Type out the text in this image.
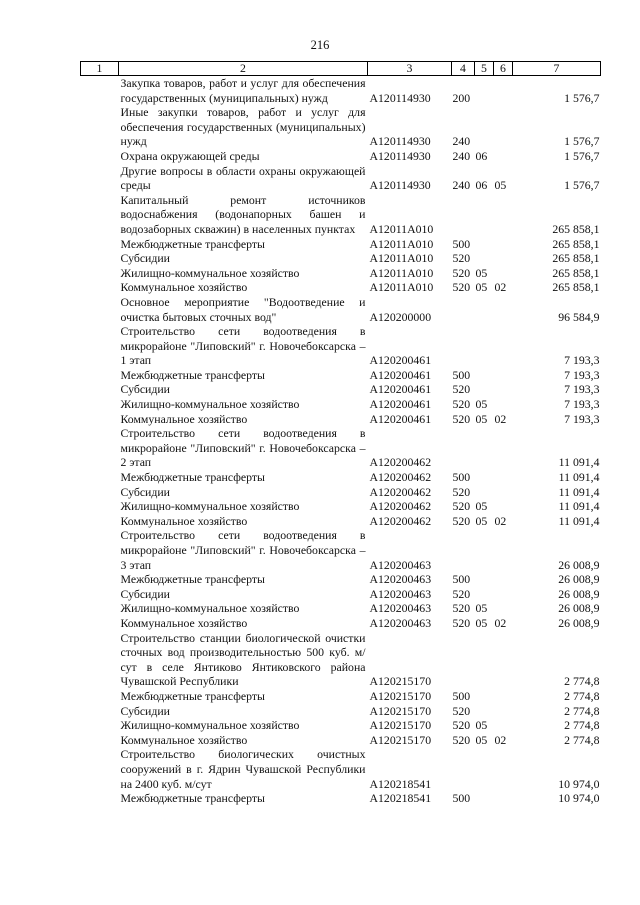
216
1	2	3	4	5	6	7
	Закупка товаров, работ и услуг для обеспечения государственных (муниципальных) нужд	А120114930	200			1 576,7
	Иные закупки товаров, работ и услуг для обеспечения государственных (муниципальных) нужд	А120114930	240			1 576,7
	Охрана окружающей среды	А120114930	240	06		1 576,7
	Другие вопросы в области охраны окружающей среды	А120114930	240	06	05	1 576,7
	Капитальный ремонт источников водоснабжения (водонапорных башен и водозаборных скважин) в населенных пунктах	А12011А010				265 858,1
	Межбюджетные трансферты	А12011А010	500			265 858,1
	Субсидии	А12011А010	520			265 858,1
	Жилищно-коммунальное хозяйство	А12011А010	520	05		265 858,1
	Коммунальное хозяйство	А12011А010	520	05	02	265 858,1
	Основное мероприятие "Водоотведение и очистка бытовых сточных вод"	А120200000				96 584,9
	Строительство сети водоотведения в микрорайоне "Липовский" г. Новочебоксарска – 1 этап	А120200461				7 193,3
	Межбюджетные трансферты	А120200461	500			7 193,3
	Субсидии	А120200461	520			7 193,3
	Жилищно-коммунальное хозяйство	А120200461	520	05		7 193,3
	Коммунальное хозяйство	А120200461	520	05	02	7 193,3
	Строительство сети водоотведения в микрорайоне "Липовский" г. Новочебоксарска – 2 этап	А120200462				11 091,4
	Межбюджетные трансферты	А120200462	500			11 091,4
	Субсидии	А120200462	520			11 091,4
	Жилищно-коммунальное хозяйство	А120200462	520	05		11 091,4
	Коммунальное хозяйство	А120200462	520	05	02	11 091,4
	Строительство сети водоотведения в микрорайоне "Липовский" г. Новочебоксарска – 3 этап	А120200463				26 008,9
	Межбюджетные трансферты	А120200463	500			26 008,9
	Субсидии	А120200463	520			26 008,9
	Жилищно-коммунальное хозяйство	А120200463	520	05		26 008,9
	Коммунальное хозяйство	А120200463	520	05	02	26 008,9
	Строительство станции биологической очистки сточных вод производительностью 500 куб. м/сут в селе Янтиково Янтиковского района Чувашской Республики	А120215170				2 774,8
	Межбюджетные трансферты	А120215170	500			2 774,8
	Субсидии	А120215170	520			2 774,8
	Жилищно-коммунальное хозяйство	А120215170	520	05		2 774,8
	Коммунальное хозяйство	А120215170	520	05	02	2 774,8
	Строительство биологических очистных сооружений в г. Ядрин Чувашской Республики на 2400 куб. м/сут	А120218541				10 974,0
	Межбюджетные трансферты	А120218541	500			10 974,0
